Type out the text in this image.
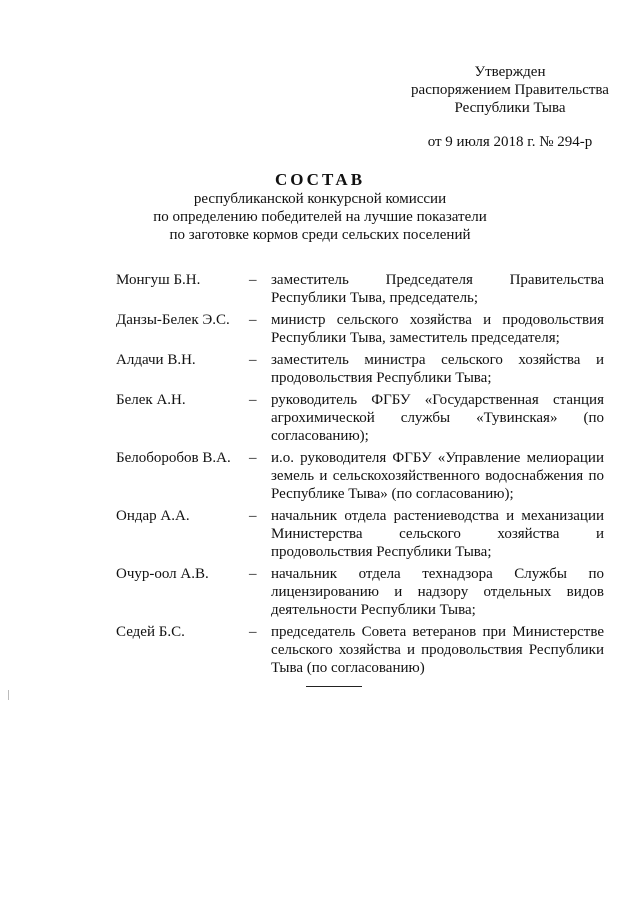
Утвержден
распоряжением Правительства
Республики Тыва
от 9 июля 2018 г. № 294-р
СОСТАВ
республиканской конкурсной комиссии
по определению победителей на лучшие показатели
по заготовке кормов среди сельских поселений
Монгуш Б.Н.	– заместитель Председателя Правительства Республики Тыва, председатель;
Данзы-Белек Э.С.	– министр сельского хозяйства и продовольствия Республики Тыва, заместитель председателя;
Алдачи В.Н.	– заместитель министра сельского хозяйства и продовольствия Республики Тыва;
Белек А.Н.	– руководитель ФГБУ «Государственная станция агрохимической службы «Тувинская» (по согласованию);
Белоборобов В.А.	– и.о. руководителя ФГБУ «Управление мелиорации земель и сельскохозяйственного водоснабжения по Республике Тыва» (по согласованию);
Ондар А.А.	– начальник отдела растениеводства и механизации Министерства сельского хозяйства и продовольствия Республики Тыва;
Очур-оол А.В.	– начальник отдела технадзора Службы по лицензированию и надзору отдельных видов деятельности Республики Тыва;
Седей Б.С.	– председатель Совета ветеранов при Министерстве сельского хозяйства и продовольствия Республики Тыва (по согласованию)
